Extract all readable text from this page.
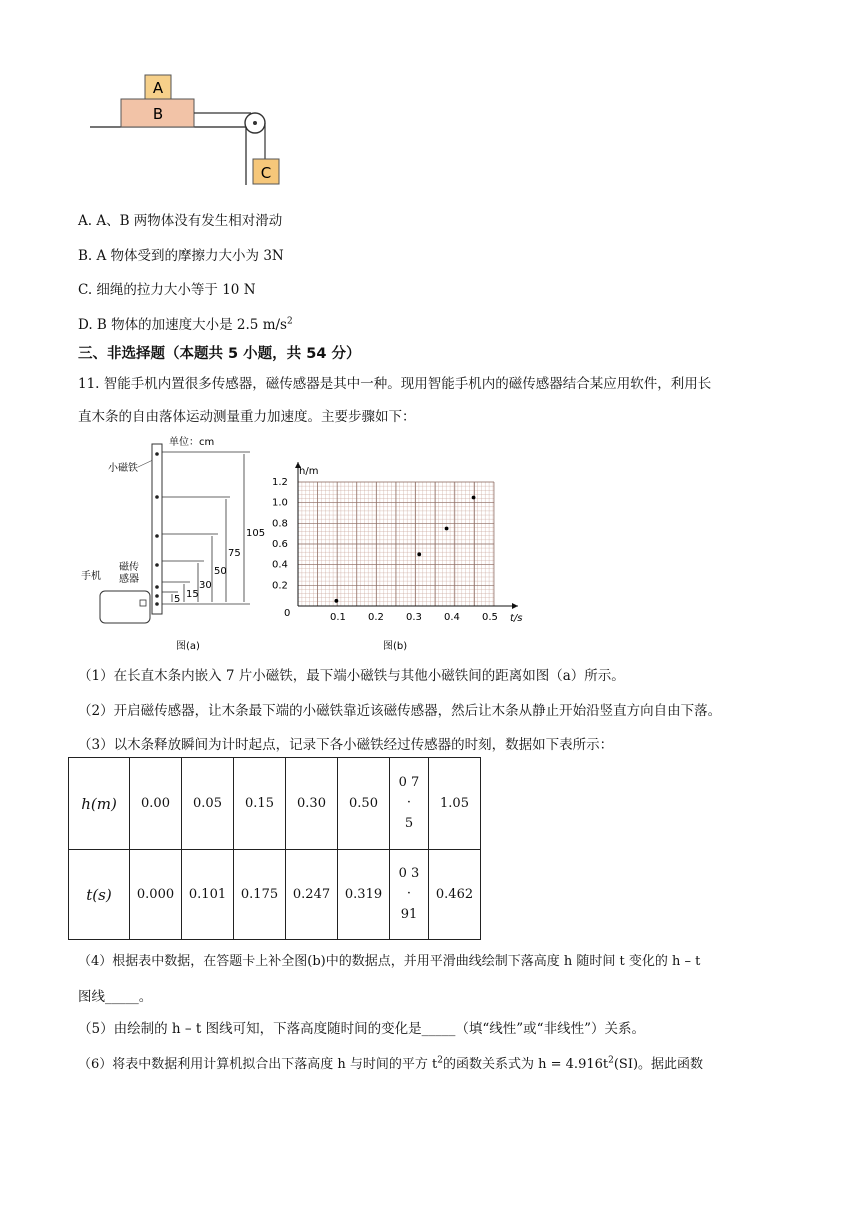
A
B
C
A. A、B 两物体没有发生相对滑动
B. A 物体受到的摩擦力大小为 3N
C. 细绳的拉力大小等于 10 N
D. B 物体的加速度大小是 2.5 $m/s^2$
三、非选择题（本题共 5 小题，共 54 分）
11. 智能手机内置很多传感器，磁传感器是其中一种。现用智能手机内的磁传感器结合某应用软件，利用长
直木条的自由落体运动测量重力加速度。主要步骤如下：
单位：cm
小磁铁
105
75
50
30
15
5
手机
磁传
感器
图(a)
0.1 0.2 0.3 0.4 0.5
0.2
0.4
0.6
0.8
1.0
1.2
h/m
t/s
0
图(b)
（1）在长直木条内嵌入 7 片小磁铁，最下端小磁铁与其他小磁铁间的距离如图（a）所示。
（2）开启磁传感器，让木条最下端的小磁铁靠近该磁传感器，然后让木条从静止开始沿竖直方向自由下落。
（3）以木条释放瞬间为计时起点，记录下各小磁铁经过传感器的时刻，数据如下表所示：
h(m)	0.00	0.05	0.15	0.30	0.50	0 7
·
5	1.05
t(s)	0.000	0.101	0.175	0.247	0.319	0 3
·
91	0.462
（4）根据表中数据，在答题卡上补全图(b)中的数据点，并用平滑曲线绘制下落高度 h 随时间 t 变化的 h – t
图线_____。
（5）由绘制的 h – t 图线可知，下落高度随时间的变化是_____（填“线性”或“非线性”）关系。
（6）将表中数据利用计算机拟合出下落高度 h 与时间的平方 $t^2$的函数关系式为 $h = 4.916t^2(SI)$。据此函数
